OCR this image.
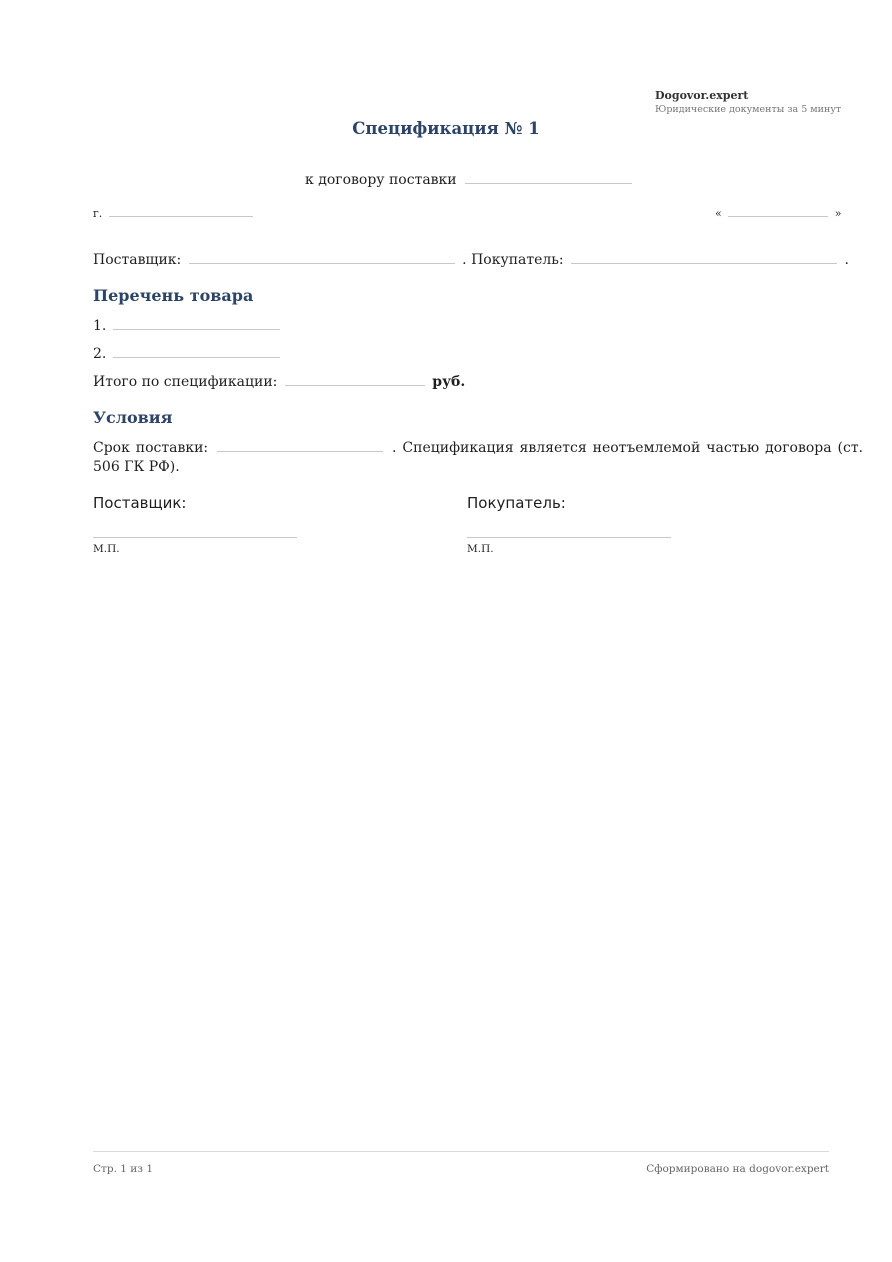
Dogovor.expert
Юридические документы за 5 минут
Спецификация № 1
к договору поставки
г.	«	»
Поставщик:	. Покупатель:	.
Перечень товара
1.
2.
Итого по спецификации:	руб.
Условия
Срок поставки:	. Спецификация является неотъемлемой частью договора (ст. 506 ГК РФ).
Поставщик:
М.П.
Покупатель:
М.П.
Стр. 1 из 1	Сформировано на dogovor.expert
